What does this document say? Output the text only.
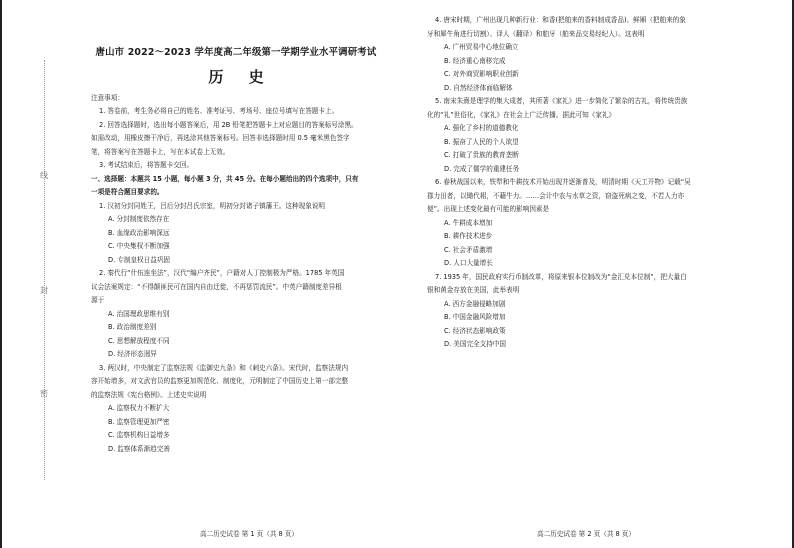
线
封
密
唐山市 2022～2023 学年度高二年级第一学期学业水平调研考试
历 史
注意事项：
1. 答卷前，考生务必将自己的姓名、准考证号、考场号、座位号填写在答题卡上。
2. 回答选择题时，选出每小题答案后，用 2B 铅笔把答题卡上对应题目的答案标号涂黑。
如需改动，用橡皮擦干净后，再选涂其他答案标号。回答非选择题时用 0.5 毫米黑色签字
笔，将答案写在答题卡上，写在本试卷上无效。
3. 考试结束后，将答题卡交回。
一、选择题：本题共 15 小题，每小题 3 分，共 45 分。在每小题给出的四个选项中，只有
一项是符合题目要求的。
1. 汉初分封同姓王，吕后分封吕氏宗室，明初分封诸子镇藩王。这种现象说明
A. 分封制度依然存在
B. 血缘政治影响深远
C. 中央集权不断加强
D. 专制皇权日益巩固
2. 秦代行“什伍连坐法”，汉代“编户齐民”，户籍对人丁控制极为严格。1785 年英国
议会法案规定：“不得颠匪民可在国内自由迁徙，不再惩罚流民”。中英户籍制度差异根
源于
A. 治国理政思维有别
B. 政治制度差别
C. 思想解放程度不同
D. 经济形态迥异
3. 两汉时，中央制定了监察法规《监御史九条》和《刺史六条》。宋代时，监察法规内
容开始增多，对文武官员的监察更加规范化、制度化，元明制定了中国历史上第一部完整
的监察法规《宪台格例》。上述史实说明
A. 监察权力不断扩大
B. 监察管理更加严密
C. 监察机构日益增多
D. 监察体系渐趋完善
高二历史试卷 第 1 页（共 8 页）
4. 唐宋时期，广州出现几种新行业：和香(把舶来的香料制成香品)、鲜厢（把舶来的象
牙和犀牛角进行切割）、译人（翻译）和舶牙（舶来品交易经纪人）。这表明
A. 广州贸易中心地位确立
B. 经济重心南移完成
C. 对外商贸影响职业创新
D. 自然经济体面临解体
5. 南宋朱熹是理学的集大成者，其所著《家礼》进一步简化了繁杂的古礼，将传统贵族
化的“礼”世俗化，《家礼》在社会上广泛传播。据此可知《家礼》
A. 强化了乡村的道德教化
B. 振奋了人民的个人欲望
C. 打破了贵族的教育垄断
D. 完成了儒学的重建任务
6. 春秋战国以来，铁犁和牛耕技术开始出现并逐渐普及，明清时期《天工开物》记载“吴
郡力田者，以锄代耜，不藉牛力。……会计中农与水草之资，窃盗死病之变，不若人力亦
便”。出现上述变化最有可能的影响因素是
A. 牛耕成本增加
B. 耕作技术进步
C. 社会矛盾激增
D. 人口大量增长
7. 1935 年，国民政府实行币制改革，将原来银本位制改为“金汇兑本位制”，把大量白
银和黄金存放在美国，此举表明
A. 西方金融侵略加剧
B. 中国金融风险增加
C. 经济状态影响政策
D. 美国完全支持中国
高二历史试卷 第 2 页（共 8 页）
